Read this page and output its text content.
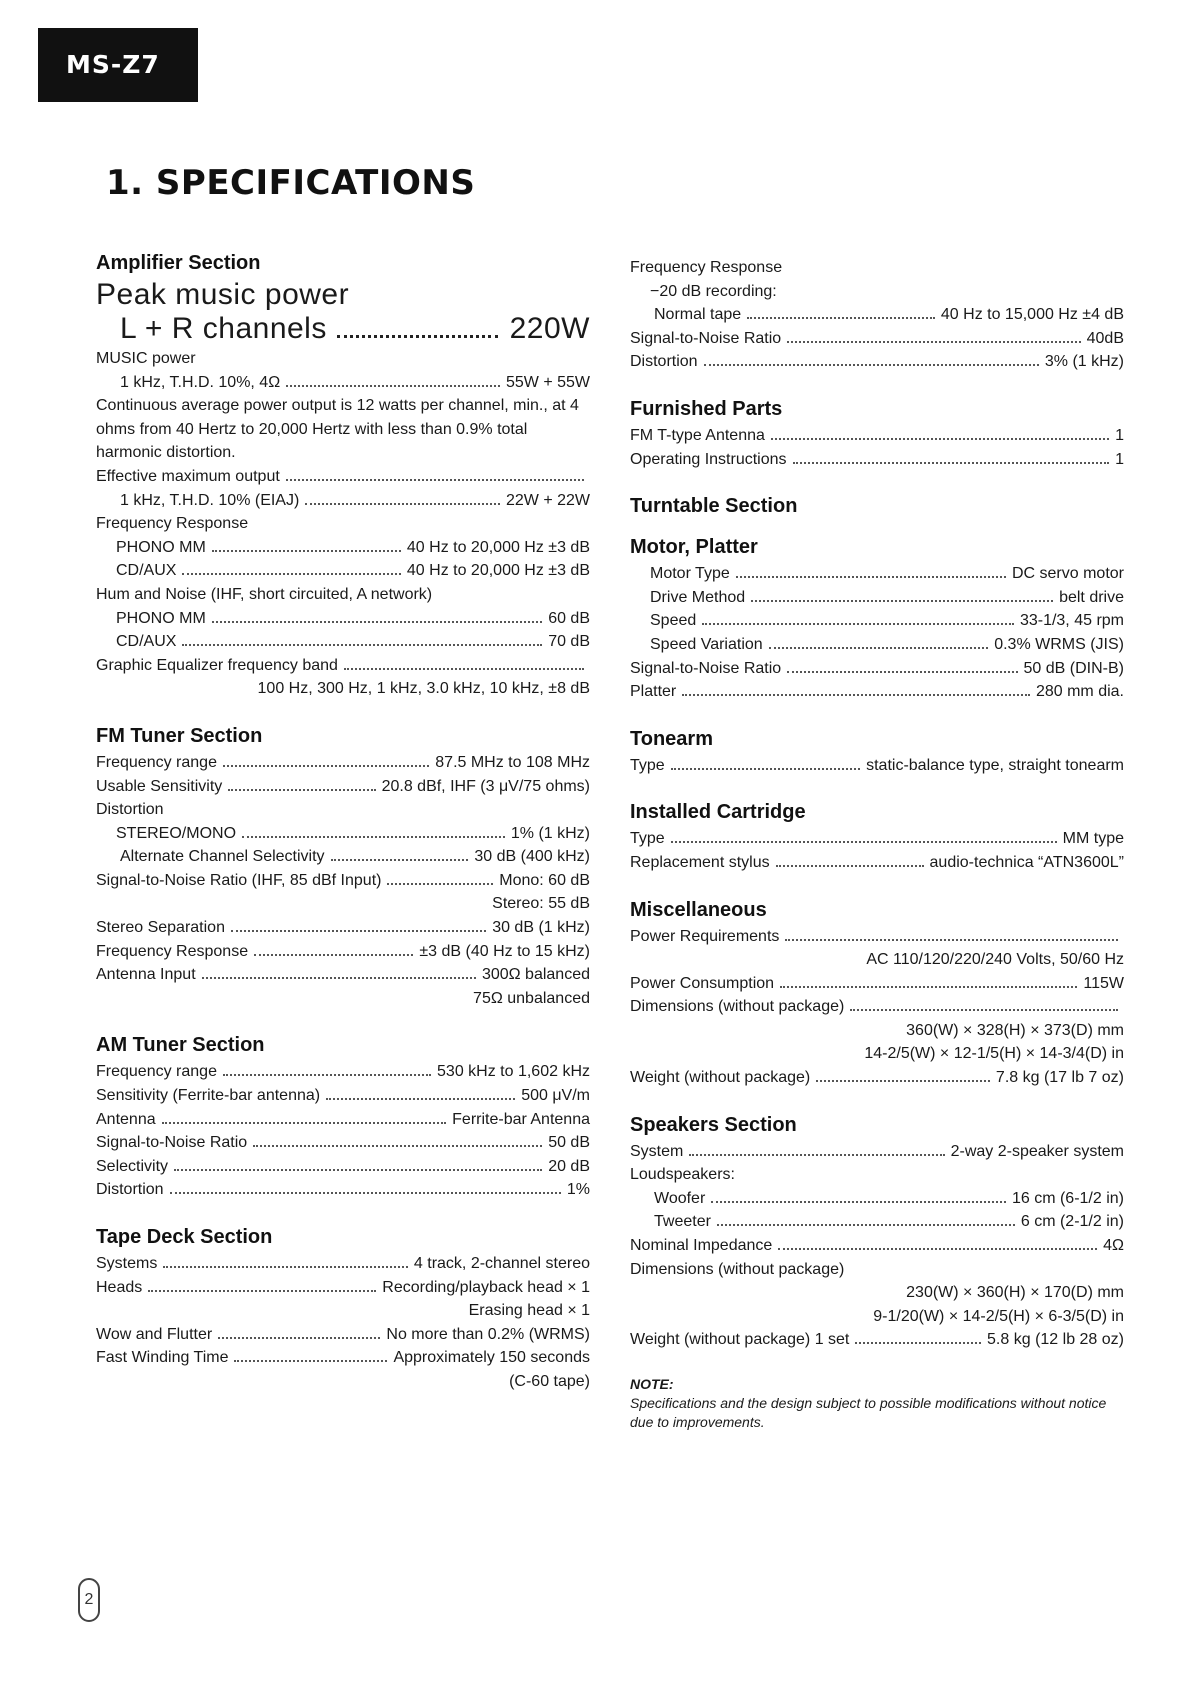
MS-Z7
1. SPECIFICATIONS
Amplifier Section
Peak music power
L + R channels	220W
MUSIC power
1 kHz, T.H.D. 10%, 4Ω	55W + 55W
Continuous average power output is 12 watts per channel, min., at 4 ohms from 40 Hertz to 20,000 Hertz with less than 0.9% total harmonic distortion.
Effective maximum output
1 kHz, T.H.D. 10% (EIAJ)	22W + 22W
Frequency Response
PHONO MM	40 Hz to 20,000 Hz ±3 dB
CD/AUX	40 Hz to 20,000 Hz ±3 dB
Hum and Noise (IHF, short circuited, A network)
PHONO MM	60 dB
CD/AUX	70 dB
Graphic Equalizer frequency band
100 Hz, 300 Hz, 1 kHz, 3.0 kHz, 10 kHz, ±8 dB
FM Tuner Section
Frequency range	87.5 MHz to 108 MHz
Usable Sensitivity	20.8 dBf, IHF (3 μV/75 ohms)
Distortion
STEREO/MONO	1% (1 kHz)
Alternate Channel Selectivity	30 dB (400 kHz)
Signal-to-Noise Ratio (IHF, 85 dBf Input)	Mono: 60 dB
Stereo: 55 dB
Stereo Separation	30 dB (1 kHz)
Frequency Response	±3 dB (40 Hz to 15 kHz)
Antenna Input	300Ω balanced
75Ω unbalanced
AM Tuner Section
Frequency range	530 kHz to 1,602 kHz
Sensitivity (Ferrite-bar antenna)	500 μV/m
Antenna	Ferrite-bar Antenna
Signal-to-Noise Ratio	50 dB
Selectivity	20 dB
Distortion	1%
Tape Deck Section
Systems	4 track, 2-channel stereo
Heads	Recording/playback head × 1
Erasing head × 1
Wow and Flutter	No more than 0.2% (WRMS)
Fast Winding Time	Approximately 150 seconds
(C-60 tape)
Frequency Response
−20 dB recording:
Normal tape	40 Hz to 15,000 Hz ±4 dB
Signal-to-Noise Ratio	40dB
Distortion	3% (1 kHz)
Furnished Parts
FM T-type Antenna	1
Operating Instructions	1
Turntable Section
Motor, Platter
Motor Type	DC servo motor
Drive Method	belt drive
Speed	33-1/3, 45 rpm
Speed Variation	0.3% WRMS (JIS)
Signal-to-Noise Ratio	50 dB (DIN-B)
Platter	280 mm dia.
Tonearm
Type	static-balance type, straight tonearm
Installed Cartridge
Type	MM type
Replacement stylus	audio-technica “ATN3600L”
Miscellaneous
Power Requirements
AC 110/120/220/240 Volts, 50/60 Hz
Power Consumption	115W
Dimensions (without package)
360(W) × 328(H) × 373(D) mm
14-2/5(W) × 12-1/5(H) × 14-3/4(D) in
Weight (without package)	7.8 kg (17 lb 7 oz)
Speakers Section
System	2-way 2-speaker system
Loudspeakers:
Woofer	16 cm (6-1/2 in)
Tweeter	6 cm (2-1/2 in)
Nominal Impedance	4Ω
Dimensions (without package)
230(W) × 360(H) × 170(D) mm
9-1/20(W) × 14-2/5(H) × 6-3/5(D) in
Weight (without package) 1 set	5.8 kg (12 lb 28 oz)
NOTE:
Specifications and the design subject to possible modifications without notice due to improvements.
2
